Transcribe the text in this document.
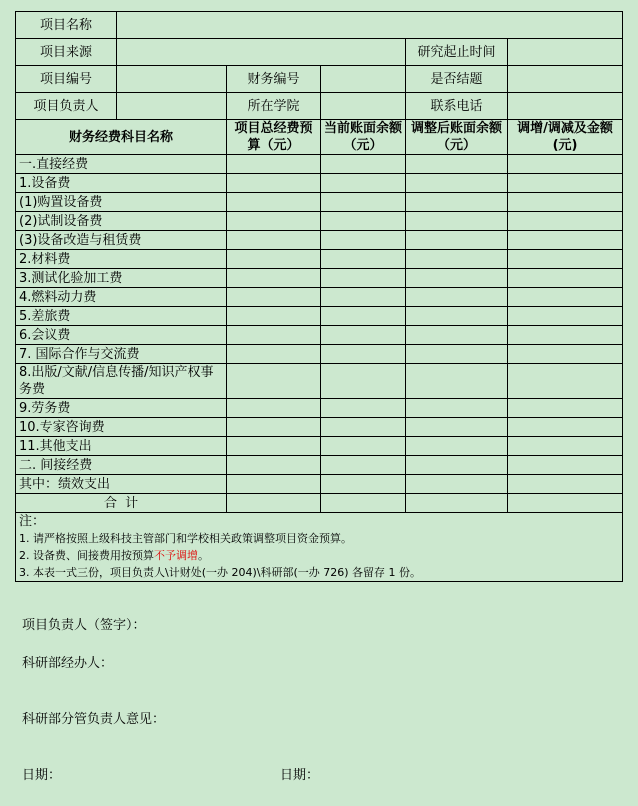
项目名称					
项目来源				研究起止时间	
项目编号		财务编号		是否结题	
项目负责人		所在学院		联系电话	
财务经费科目名称		项目总经费预算（元）	当前账面余额（元）	调整后账面余额（元）	调增/调减及金额(元)
一.直接经费					
1.设备费					
(1)购置设备费					
(2)试制设备费					
(3)设备改造与租赁费					
2.材料费					
3.测试化验加工费					
4.燃料动力费					
5.差旅费					
6.会议费					
7. 国际合作与交流费					
8.出版/文献/信息传播/知识产权事务费					
9.劳务费					
10.专家咨询费					
11.其他支出					
二. 间接经费					
其中：绩效支出					
合 计					

注：
1. 请严格按照上级科技主管部门和学校相关政策调整项目资金预算。
2. 设备费、间接费用按预算不予调增。
3. 本表一式三份，项目负责人\计财处(一办 204)\科研部(一办 726) 各留存 1 份。					
项目负责人（签字）：
科研部经办人：
科研部分管负责人意见：
日期：	日期：
